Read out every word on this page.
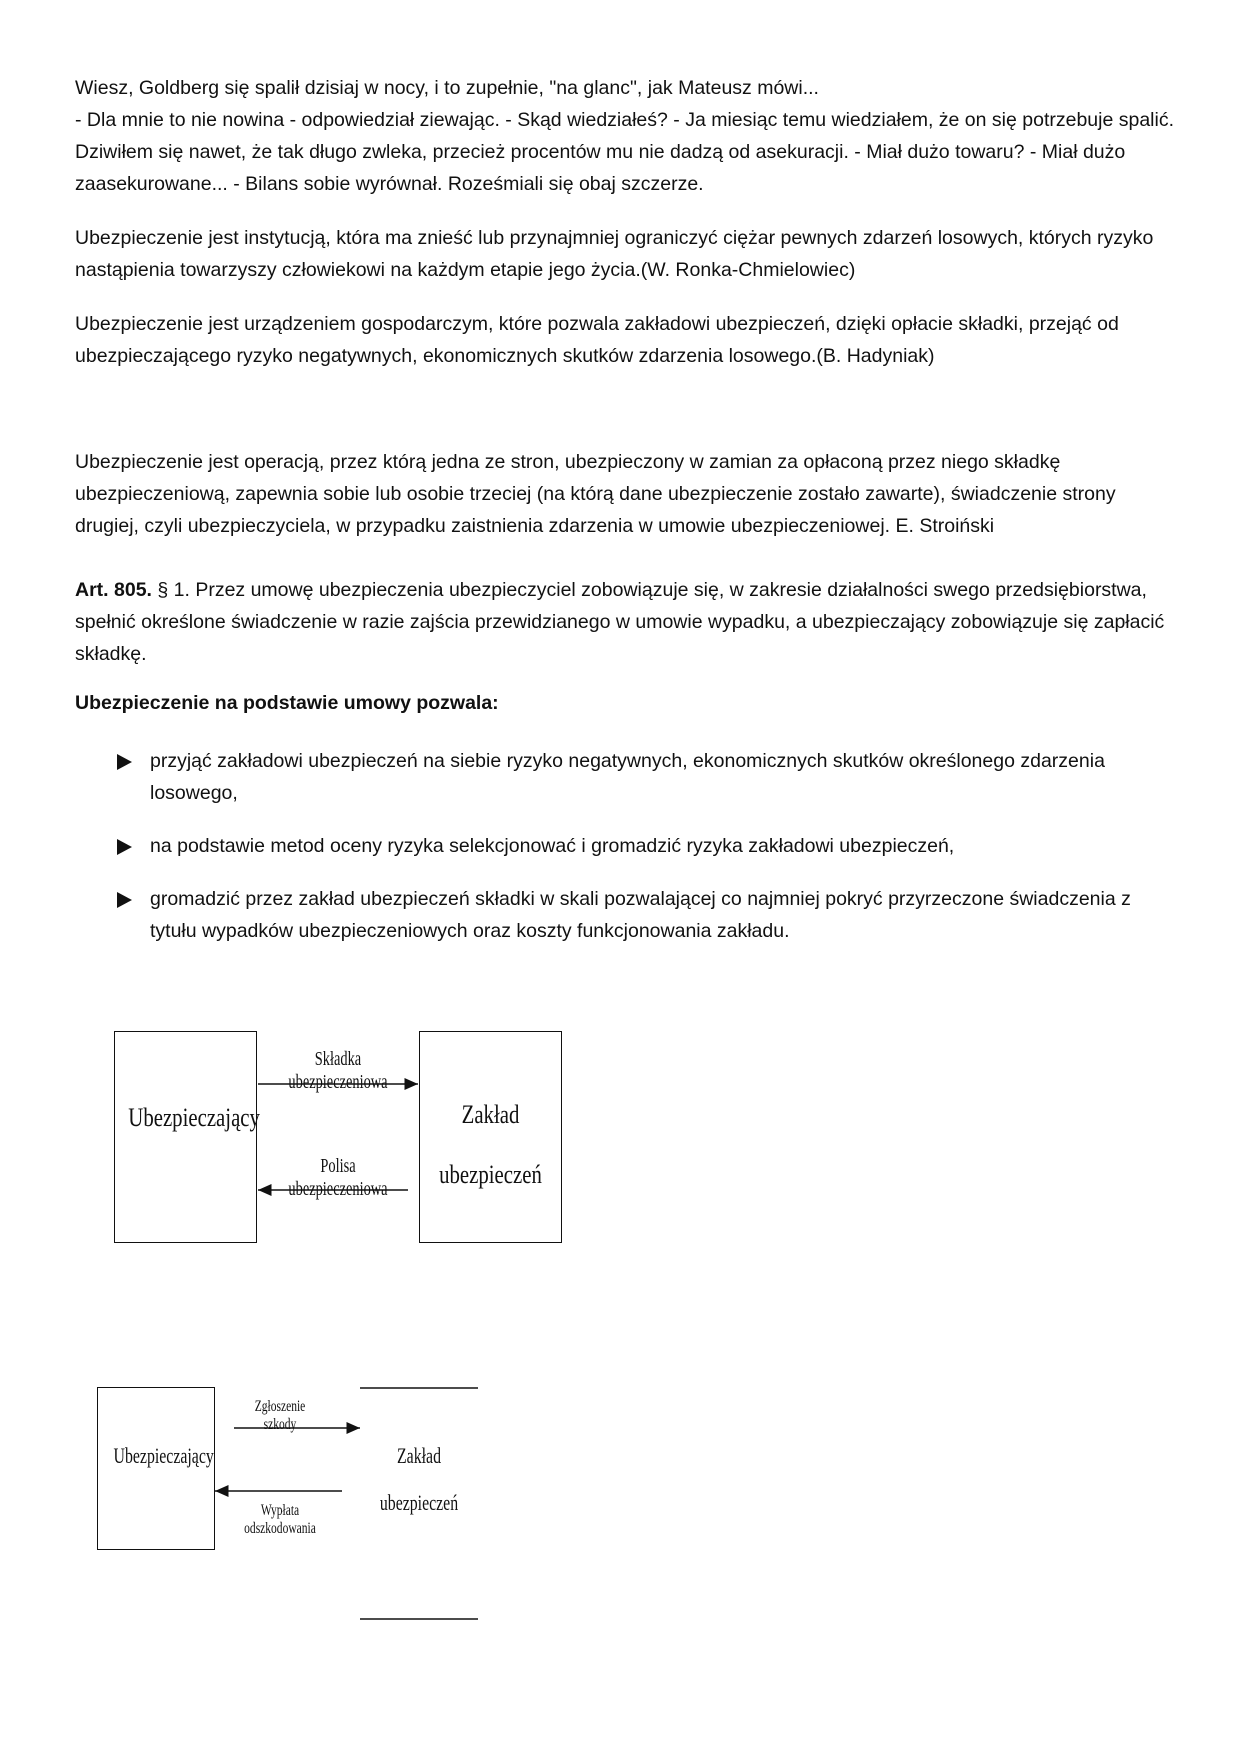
Wiesz, Goldberg się spalił dzisiaj w nocy, i to zupełnie, "na glanc", jak Mateusz mówi...
- Dla mnie to nie nowina - odpowiedział ziewając. - Skąd wiedziałeś? - Ja miesiąc temu wiedziałem, że on się potrzebuje spalić. Dziwiłem się nawet, że tak długo zwleka, przecież procentów mu nie dadzą od asekuracji. - Miał dużo towaru? - Miał dużo zaasekurowane... - Bilans sobie wyrównał. Roześmiali się obaj szczerze.

Ubezpieczenie jest instytucją, która ma znieść lub przynajmniej ograniczyć ciężar pewnych zdarzeń losowych, których ryzyko nastąpienia towarzyszy człowiekowi na każdym etapie jego życia.(W. Ronka-Chmielowiec)

Ubezpieczenie jest urządzeniem gospodarczym, które pozwala zakładowi ubezpieczeń, dzięki opłacie składki, przejąć od ubezpieczającego ryzyko negatywnych, ekonomicznych skutków zdarzenia losowego.(B. Hadyniak)

Ubezpieczenie jest operacją, przez którą jedna ze stron, ubezpieczony w zamian za opłaconą przez niego składkę ubezpieczeniową, zapewnia sobie lub osobie trzeciej (na którą dane ubezpieczenie zostało zawarte), świadczenie strony drugiej, czyli ubezpieczyciela, w przypadku zaistnienia zdarzenia w umowie ubezpieczeniowej. E. Stroiński

Art. 805. § 1. Przez umowę ubezpieczenia ubezpieczyciel zobowiązuje się, w zakresie działalności swego przedsiębiorstwa, spełnić określone świadczenie w razie zajścia przewidzianego w umowie wypadku, a ubezpieczający zobowiązuje się zapłacić składkę.

Ubezpieczenie na podstawie umowy pozwala:

przyjąć zakładowi ubezpieczeń na siebie ryzyko negatywnych, ekonomicznych skutków określonego zdarzenia losowego,
na podstawie metod oceny ryzyka selekcjonować i gromadzić ryzyka zakładowi ubezpieczeń,
gromadzić przez zakład ubezpieczeń składki w skali pozwalającej co najmniej pokryć przyrzeczone świadczenia z tytułu wypadków ubezpieczeniowych oraz koszty funkcjonowania zakładu.
Ubezpieczający	Zakład
ubezpieczeń
Składka ubezpieczeniowa
Polisa ubezpieczeniowa
Ubezpieczający	Zakład
ubezpieczeń
Zgłoszenie szkody
Wypłata odszkodowania
